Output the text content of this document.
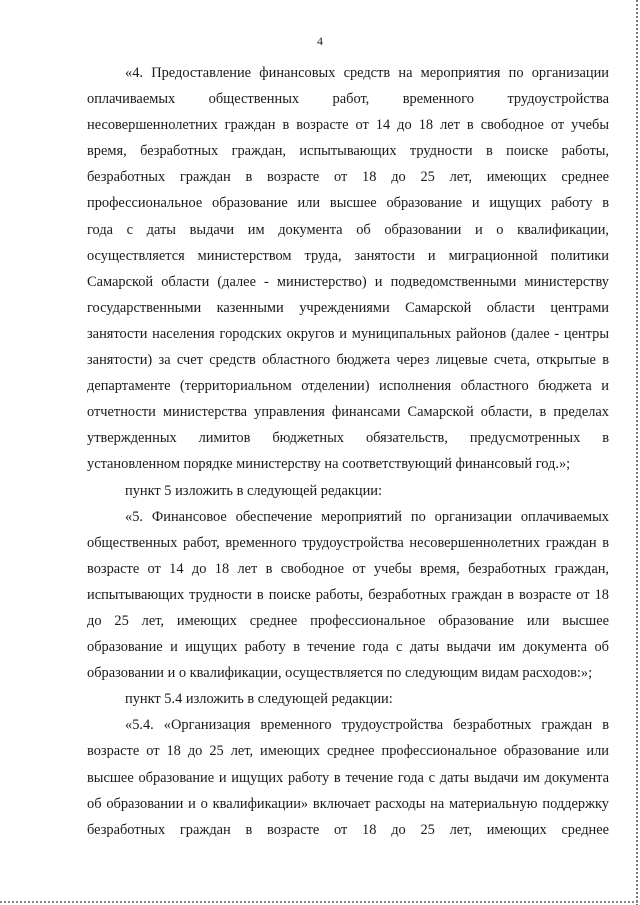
4
«4. Предоставление финансовых средств на мероприятия по организации
оплачиваемых общественных работ, временного трудоустройства
несовершеннолетних граждан в возрасте от 14 до 18 лет в свободное от учебы
время, безработных граждан, испытывающих трудности в поиске работы,
безработных граждан в возрасте от 18 до 25 лет, имеющих среднее
профессиональное образование или высшее образование и ищущих работу в
года с даты выдачи им документа об образовании и о квалификации,
осуществляется министерством труда, занятости и миграционной политики
Самарской области (далее - министерство) и подведомственными министерству
государственными казенными учреждениями Самарской области центрами
занятости населения городских округов и муниципальных районов (далее - центры
занятости) за счет средств областного бюджета через лицевые счета, открытые в
департаменте (территориальном отделении) исполнения областного бюджета и
отчетности министерства управления финансами Самарской области, в пределах
утвержденных лимитов бюджетных обязательств, предусмотренных в
установленном порядке министерству на соответствующий финансовый год.»;
пункт 5 изложить в следующей редакции:
«5. Финансовое обеспечение мероприятий по организации оплачиваемых
общественных работ, временного трудоустройства несовершеннолетних граждан в
возрасте от 14 до 18 лет в свободное от учебы время, безработных граждан,
испытывающих трудности в поиске работы, безработных граждан в возрасте от 18
до 25 лет, имеющих среднее профессиональное образование или высшее
образование и ищущих работу в течение года с даты выдачи им документа об
образовании и о квалификации, осуществляется по следующим видам расходов:»;
пункт 5.4 изложить в следующей редакции:
«5.4. «Организация временного трудоустройства безработных граждан в
возрасте от 18 до 25 лет, имеющих среднее профессиональное образование или
высшее образование и ищущих работу в течение года с даты выдачи им документа
об образовании и о квалификации» включает расходы на материальную поддержку
безработных граждан в возрасте от 18 до 25 лет, имеющих среднее
